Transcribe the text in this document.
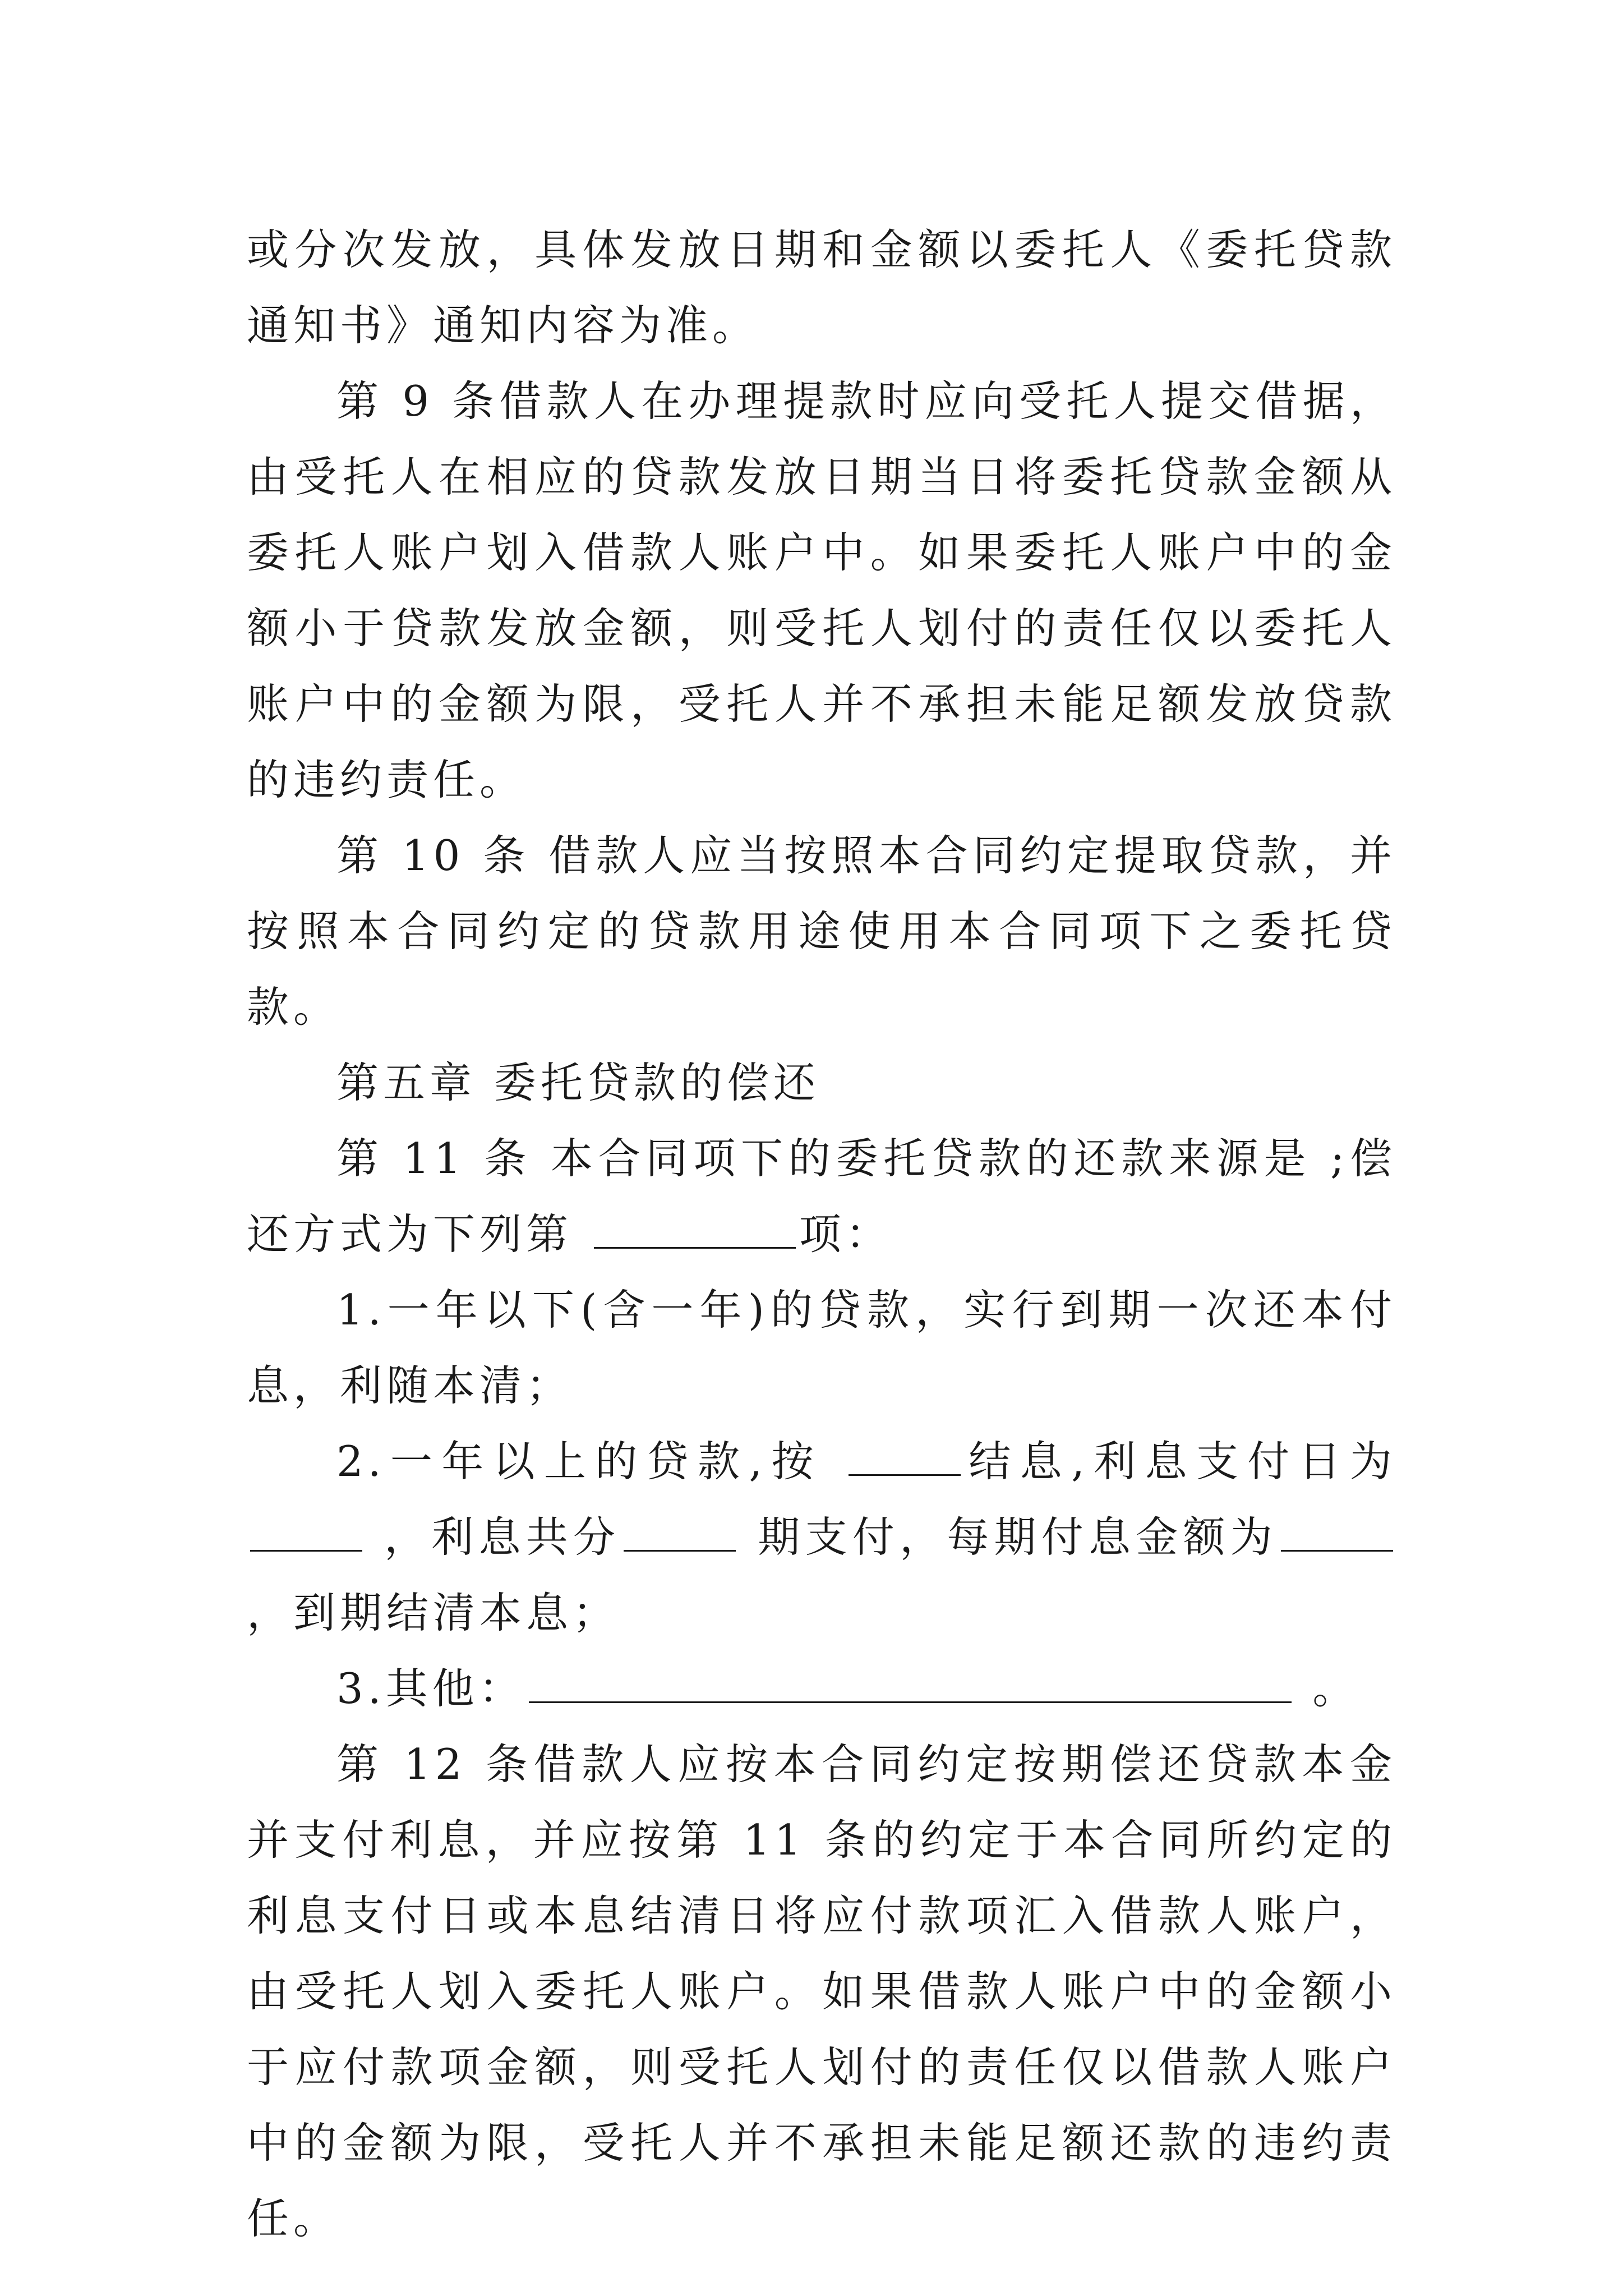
或分次发放，具体发放日期和金额以委托人《委托贷款通知书》通知内容为准。

第 9 条借款人在办理提款时应向受托人提交借据，由受托人在相应的贷款发放日期当日将委托贷款金额从委托人账户划入借款人账户中。如果委托人账户中的金额小于贷款发放金额，则受托人划付的责任仅以委托人账户中的金额为限，受托人并不承担未能足额发放贷款的违约责任。

第 10 条 借款人应当按照本合同约定提取贷款，并按照本合同约定的贷款用途使用本合同项下之委托贷款。

第五章 委托贷款的偿还

第 11 条 本合同项下的委托贷款的还款来源是 ;偿还方式为下列第	项：

1.一年以下(含一年)的贷款，实行到期一次还本付息，利随本清；

2.一年以上的贷款,按	结息,利息支付日为 ，利息共分	期支付，每期付息金额为 ，到期结清本息；

3.其他：	。

第 12 条借款人应按本合同约定按期偿还贷款本金并支付利息，并应按第 11 条的约定于本合同所约定的利息支付日或本息结清日将应付款项汇入借款人账户，由受托人划入委托人账户。如果借款人账户中的金额小于应付款项金额，则受托人划付的责任仅以借款人账户中的金额为限，受托人并不承担未能足额还款的违约责任。
